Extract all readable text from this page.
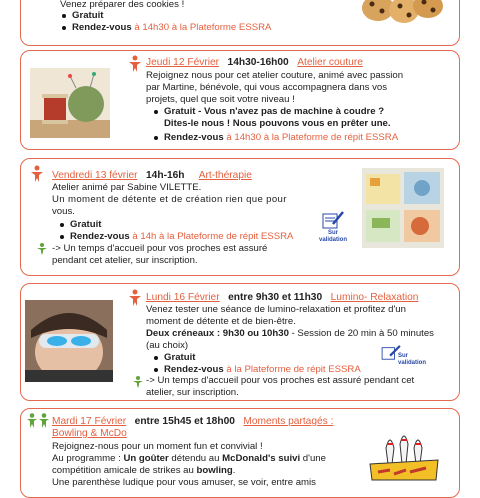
Venez préparer des cookies !
Gratuit
Rendez-vous à 14h30 à la Plateforme ESSRA
Jeudi 12 Février 14h30-16h00 Atelier couture
Rejoignez nous pour cet atelier couture, animé avec passion
par Martine, bénévole, qui vous accompagnera dans vos
projets, quel que soit votre niveau !
Gratuit - Vous n'avez pas de machine à coudre ?
Dites-le nous ! Nous pouvons vous en prêter une.
Rendez-vous à 14h30 à la Plateforme de répit ESSRA
Vendredi 13 février 14h-16h Art-thérapie
Atelier animé par Sabine VILETTE.
Un moment de détente et de création rien que pour
vous.
Gratuit
Rendez-vous à 14h à la Plateforme de répit ESSRA
-> Un temps d'accueil pour vos proches est assuré
pendant cet atelier, sur inscription.
Sur validation
Lundi 16 Février entre 9h30 et 11h30 Lumino- Relaxation
Venez tester une séance de lumino-relaxation et profitez d'un
moment de détente et de bien-être.
Deux créneaux : 9h30 ou 10h30 - Session de 20 min à 50 minutes
(au choix)
Gratuit
Rendez-vous à la Plateforme de répit ESSRA
Sur
validation
-> Un temps d'accueil pour vos proches est assuré pendant cet
atelier, sur inscription.
Mardi 17 Février entre 15h45 et 18h00 Moments partagés :
Bowling & McDo
Rejoignez-nous pour un moment fun et convivial !
Au programme : Un goûter détendu au McDonald's suivi d'une
compétition amicale de strikes au bowling.
Une parenthèse ludique pour vous amuser, se voir, entre amis
